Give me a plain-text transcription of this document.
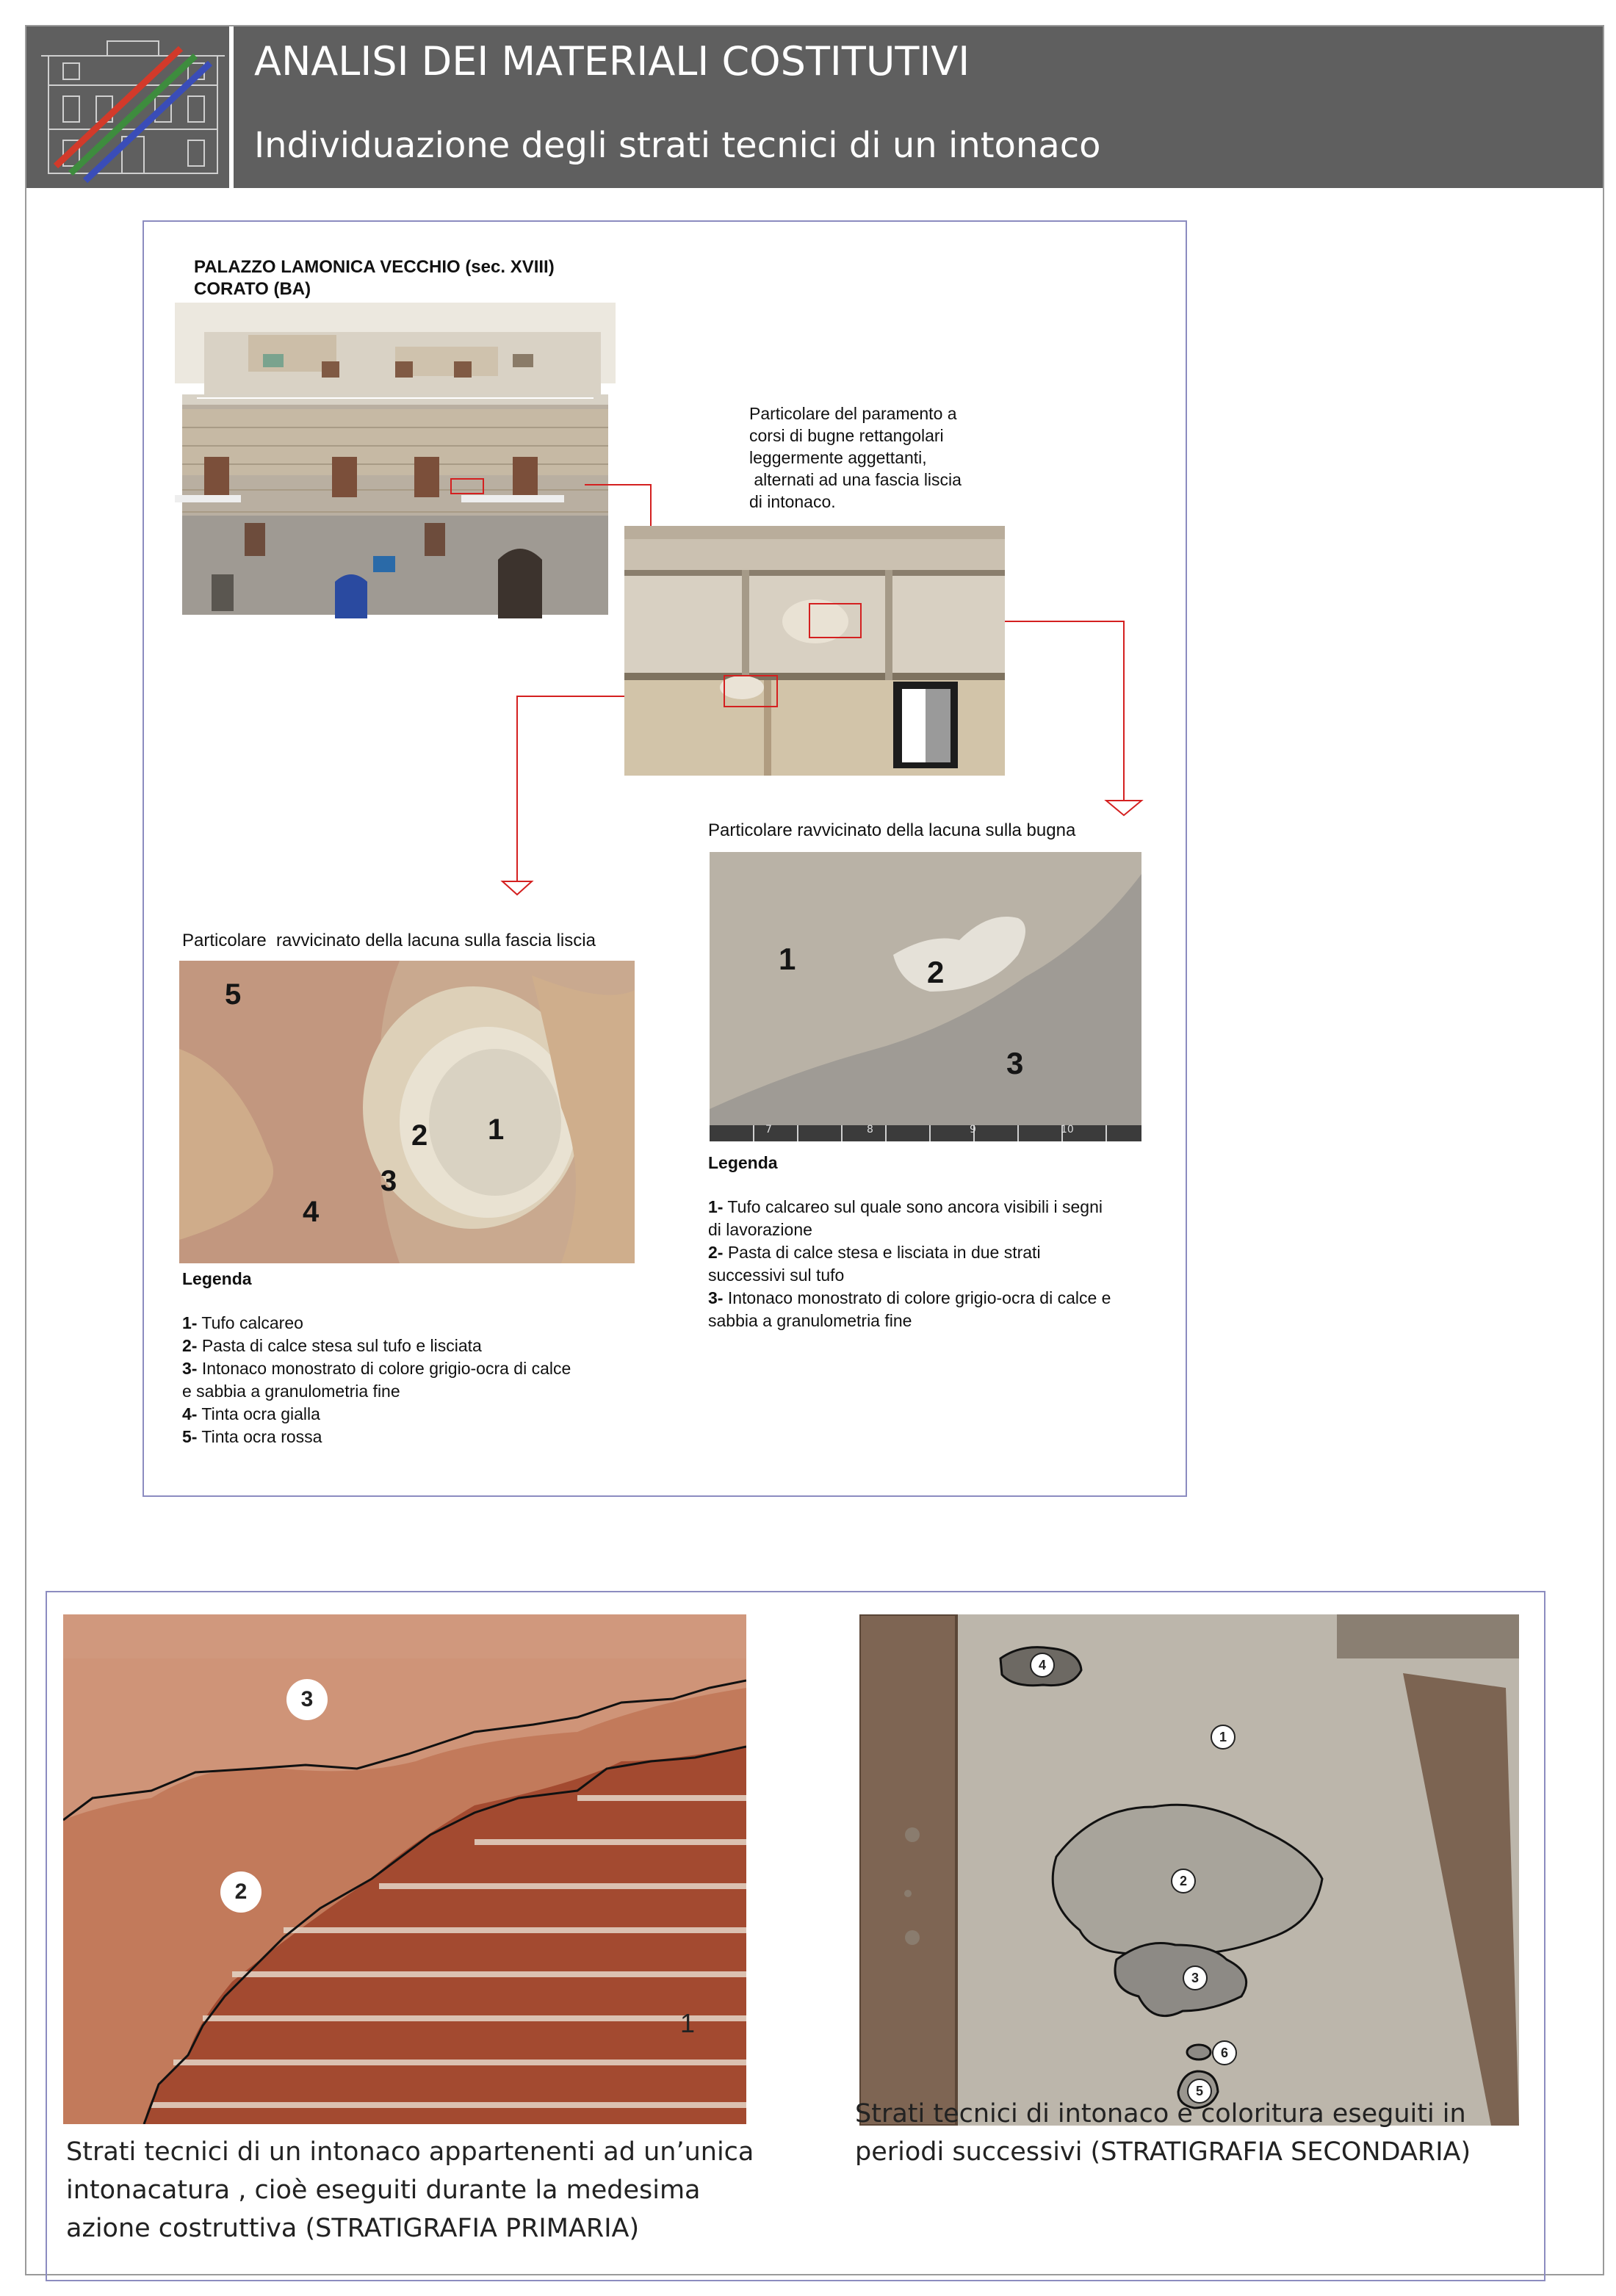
ANALISI DEI MATERIALI COSTITUTIVI
Individuazione degli strati tecnici di un intonaco
PALAZZO LAMONICA VECCHIO (sec. XVIII)
CORATO (BA)
Particolare del paramento a
corsi di bugne rettangolari
leggermente aggettanti,
alternati ad una fascia liscia
di intonaco.
Particolare ravvicinato della lacuna sulla bugna
7	8	9	10
1	2
3
Legenda
1- Tufo calcareo sul quale sono ancora visibili i segni
di lavorazione
2- Pasta di calce stesa e lisciata in due strati
successivi sul tufo
3- Intonaco monostrato di colore grigio-ocra di calce e
sabbia a granulometria fine
Particolare  ravvicinato della lacuna sulla fascia liscia
5
2 1
3
4
Legenda
1- Tufo calcareo
2- Pasta di calce stesa sul tufo e lisciata
3- Intonaco monostrato di colore grigio-ocra di calce
e sabbia a granulometria fine
4- Tinta ocra gialla
5- Tinta ocra rossa
3
2
1
Strati tecnici di un intonaco appartenenti ad un’unica
intonacatura , cioè eseguiti durante la medesima
azione costruttiva (STRATIGRAFIA PRIMARIA)
4
1
2
3
6
5
Strati tecnici di intonaco e coloritura eseguiti in
periodi successivi (STRATIGRAFIA SECONDARIA)
